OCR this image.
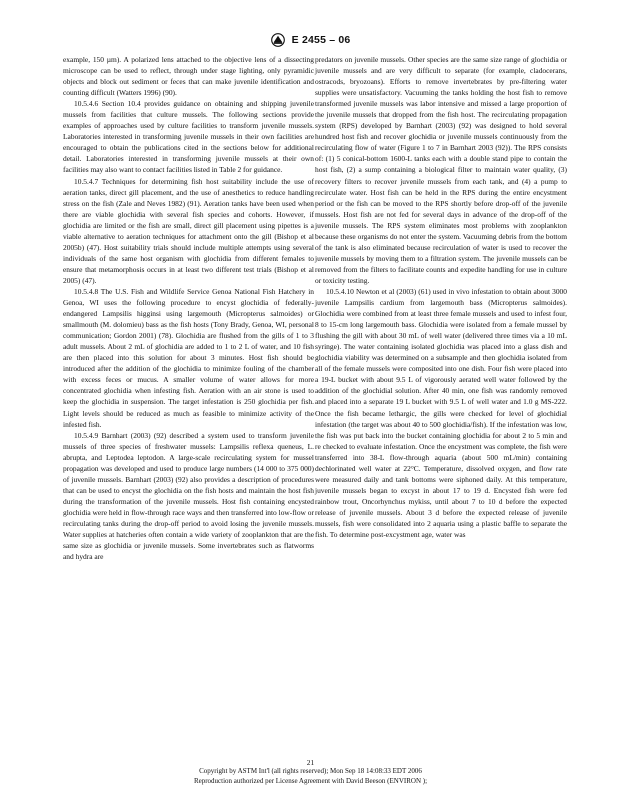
E 2455 – 06

example, 150 µm). A polarized lens attached to the objective lens of a dissecting microscope can be used to reflect, through under stage lighting, only pyramidic objects and block out sediment or feces that can make juvenile identification and counting difficult (Watters 1996) (90).

10.5.4.6 Section 10.4 provides guidance on obtaining and shipping juvenile mussels from facilities that culture mussels. The following sections provide examples of approaches used by culture facilities to transform juvenile mussels. Laboratories interested in transforming juvenile mussels in their own facilities are encouraged to obtain the publications cited in the sections below for additional detail. Laboratories interested in transforming juvenile mussels at their own facilities may also want to contact facilities listed in Table 2 for guidance.

10.5.4.7 Techniques for determining fish host suitability include the use of aeration tanks, direct gill placement, and the use of anesthetics to reduce handling stress on the fish (Zale and Neves 1982) (91). Aeration tanks have been used when there are viable glochidia with several fish species and cohorts. However, if glochidia are limited or the fish are small, direct gill placement using pipettes is a viable alternative to aeration techniques for attachment onto the gill (Bishop et al 2005b) (47). Host suitability trials should include multiple attempts using several individuals of the same host organism with glochidia from different females to ensure that metamorphosis occurs in at least two different test trials (Bishop et al 2005) (47).

10.5.4.8 The U.S. Fish and Wildlife Service Genoa National Fish Hatchery in Genoa, WI uses the following procedure to encyst glochidia of federally-endangered Lampsilis higginsi using largemouth (Micropterus salmoides) or smallmouth (M. dolomieu) bass as the fish hosts (Tony Brady, Genoa, WI, personal communication; Gordon 2001) (78). Glochidia are flushed from the gills of 1 to 3 adult mussels. About 2 mL of glochidia are added to 1 to 2 L of water, and 10 fish are then placed into this solution for about 3 minutes. Host fish should be introduced after the addition of the glochidia to minimize fouling of the chamber with excess feces or mucus. A smaller volume of water allows for more concentrated glochidia when infesting fish. Aeration with an air stone is used to keep the glochidia in suspension. The target infestation is 250 glochidia per fish. Light levels should be reduced as much as feasible to minimize activity of the infested fish.

10.5.4.9 Barnhart (2003) (92) described a system used to transform juvenile mussels of three species of freshwater mussels: Lampsilis reflexa queneus, L. abrupta, and Leptodea leptodon. A large-scale recirculating system for mussel propagation was developed and used to produce large numbers (14 000 to 375 000) of juvenile mussels. Barnhart (2003) (92) also provides a description of procedures that can be used to encyst the glochidia on the fish hosts and maintain the host fish during the transformation of the juvenile mussels. Host fish containing encysted glochidia were held in flow-through race ways and then transferred into low-flow or recirculating tanks during the drop-off period to avoid losing the juvenile mussels. Water supplies at hatcheries often contain a wide variety of zooplankton that are the same size as glochidia or juvenile mussels. Some invertebrates such as flatworms and hydra are

predators on juvenile mussels. Other species are the same size range of glochidia or juvenile mussels and are very difficult to separate (for example, cladocerans, ostracods, bryozoans). Efforts to remove invertebrates by pre-filtering water supplies were unsatisfactory. Vacuuming the tanks holding the host fish to remove transformed juvenile mussels was labor intensive and missed a large proportion of the juvenile mussels that dropped from the fish host. The recirculating propagation system (RPS) developed by Barnhart (2003) (92) was designed to hold several hundred host fish and recover glochidia or juvenile mussels continuously from the recirculating flow of water (Figure 1 to 7 in Barnhart 2003 (92)). The RPS consists of: (1) 5 conical-bottom 1600-L tanks each with a double stand pipe to contain the host fish, (2) a sump containing a biological filter to maintain water quality, (3) recovery filters to recover juvenile mussels from each tank, and (4) a pump to recirculate water. Host fish can be held in the RPS during the entire encystment period or the fish can be moved to the RPS shortly before drop-off of the juvenile mussels. Host fish are not fed for several days in advance of the drop-off of the juvenile mussels. The RPS system eliminates most problems with zooplankton because these organisms do not enter the system. Vacuuming debris from the bottom of the tank is also eliminated because recirculation of water is used to recover the juvenile mussels by moving them to a filtration system. The juvenile mussels can be removed from the filters to facilitate counts and expedite handling for use in culture or toxicity testing.

10.5.4.10 Newton et al (2003) (61) used in vivo infestation to obtain about 3000 juvenile Lampsilis cardium from largemouth bass (Micropterus salmoides). Glochidia were combined from at least three female mussels and used to infest four, 8 to 15-cm long largemouth bass. Glochidia were isolated from a female mussel by flushing the gill with about 30 mL of well water (delivered three times via a 10 mL syringe). The water containing isolated glochidia was placed into a glass dish and glochidia viability was determined on a subsample and then glochidia isolated from all of the female mussels were composited into one dish. Four fish were placed into a 19-L bucket with about 9.5 L of vigorously aerated well water followed by the addition of the glochidial solution. After 40 min, one fish was randomly removed and placed into a separate 19 L bucket with 9.5 L of well water and 1.0 g MS-222. Once the fish became lethargic, the gills were checked for level of glochidial infestation (the target was about 40 to 500 glochidia/fish). If the infestation was low, the fish was put back into the bucket containing glochidia for about 2 to 5 min and re checked to evaluate infestation. Once the encystment was complete, the fish were transferred into 38-L flow-through aquaria (about 500 mL/min) containing dechlorinated well water at 22°C. Temperature, dissolved oxygen, and flow rate were measured daily and tank bottoms were siphoned daily. At this temperature, juvenile mussels began to excyst in about 17 to 19 d. Encysted fish were fed rainbow trout, Oncorhynchus mykiss, until about 7 to 10 d before the expected release of juvenile mussels. About 3 d before the expected release of juvenile mussels, fish were consolidated into 2 aquaria using a plastic baffle to separate the fish. To determine post-excystment age, water was

21
Copyright by ASTM Int'l (all rights reserved); Mon Sep 18 14:08:33 EDT 2006
Reproduction authorized per License Agreement with David Beeson (ENVIRON );
